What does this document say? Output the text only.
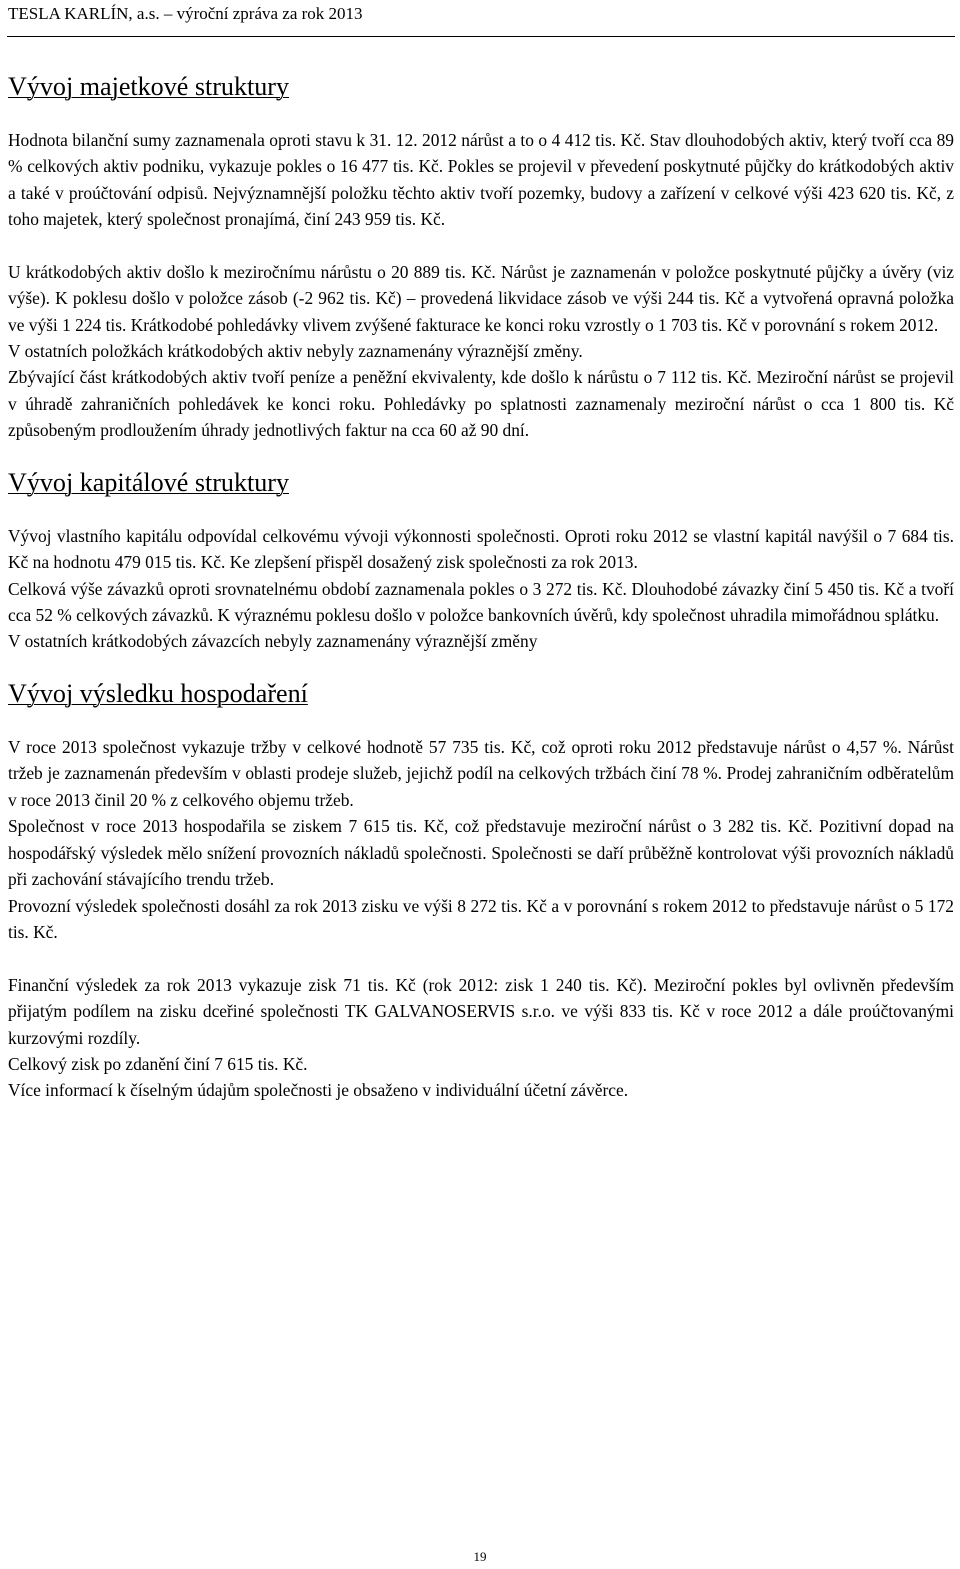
TESLA KARLÍN, a.s. – výroční zpráva za rok 2013
Vývoj majetkové struktury

Hodnota bilanční sumy zaznamenala oproti stavu k 31. 12. 2012 nárůst a to o 4 412 tis. Kč. Stav dlouhodobých aktiv, který tvoří cca 89 % celkových aktiv podniku, vykazuje pokles o 16 477 tis. Kč. Pokles se projevil v převedení poskytnuté půjčky do krátkodobých aktiv a také v proúčtování odpisů. Nejvýznamnější položku těchto aktiv tvoří pozemky, budovy a zařízení v celkové výši 423 620 tis. Kč, z toho majetek, který společnost pronajímá, činí 243 959 tis. Kč.

U krátkodobých aktiv došlo k meziročnímu nárůstu o 20 889 tis. Kč. Nárůst je zaznamenán v položce poskytnuté půjčky a úvěry (viz výše). K poklesu došlo v položce zásob (-2 962 tis. Kč) – provedená likvidace zásob ve výši 244 tis. Kč a vytvořená opravná položka ve výši 1 224 tis. Krátkodobé pohledávky vlivem zvýšené fakturace ke konci roku vzrostly o 1 703 tis. Kč v porovnání s rokem 2012.

V ostatních položkách krátkodobých aktiv nebyly zaznamenány výraznější změny.

Zbývající část krátkodobých aktiv tvoří peníze a peněžní ekvivalenty, kde došlo k nárůstu o 7 112 tis. Kč. Meziroční nárůst se projevil v úhradě zahraničních pohledávek ke konci roku. Pohledávky po splatnosti zaznamenaly meziroční nárůst o cca 1 800 tis. Kč způsobeným prodloužením úhrady jednotlivých faktur na cca 60 až 90 dní.

Vývoj kapitálové struktury

Vývoj vlastního kapitálu odpovídal celkovému vývoji výkonnosti společnosti. Oproti roku 2012 se vlastní kapitál navýšil o 7 684 tis. Kč na hodnotu 479 015 tis. Kč. Ke zlepšení přispěl dosažený zisk společnosti za rok 2013.

Celková výše závazků oproti srovnatelnému období zaznamenala pokles o 3 272 tis. Kč. Dlouhodobé závazky činí 5 450 tis. Kč a tvoří cca 52 % celkových závazků. K výraznému poklesu došlo v položce bankovních úvěrů, kdy společnost uhradila mimořádnou splátku.

V ostatních krátkodobých závazcích nebyly zaznamenány výraznější změny

Vývoj výsledku hospodaření

V roce 2013 společnost vykazuje tržby v celkové hodnotě 57 735 tis. Kč, což oproti roku 2012 představuje nárůst o 4,57 %. Nárůst tržeb je zaznamenán především v oblasti prodeje služeb, jejichž podíl na celkových tržbách činí 78 %. Prodej zahraničním odběratelům v roce 2013 činil 20 % z celkového objemu tržeb.

Společnost v roce 2013 hospodařila se ziskem 7 615 tis. Kč, což představuje meziroční nárůst o 3 282 tis. Kč. Pozitivní dopad na hospodářský výsledek mělo snížení provozních nákladů společnosti. Společnosti se daří průběžně kontrolovat výši provozních nákladů při zachování stávajícího trendu tržeb.

Provozní výsledek společnosti dosáhl za rok 2013 zisku ve výši 8 272 tis. Kč a v porovnání s rokem 2012 to představuje nárůst o 5 172 tis. Kč.

Finanční výsledek za rok 2013 vykazuje zisk 71 tis. Kč (rok 2012: zisk 1 240 tis. Kč). Meziroční pokles byl ovlivněn především přijatým podílem na zisku dceřiné společnosti TK GALVANOSERVIS s.r.o. ve výši 833 tis. Kč v roce 2012 a dále proúčtovanými kurzovými rozdíly.

Celkový zisk po zdanění činí 7 615 tis. Kč.

Více informací k číselným údajům společnosti je obsaženo v individuální účetní závěrce.

19
